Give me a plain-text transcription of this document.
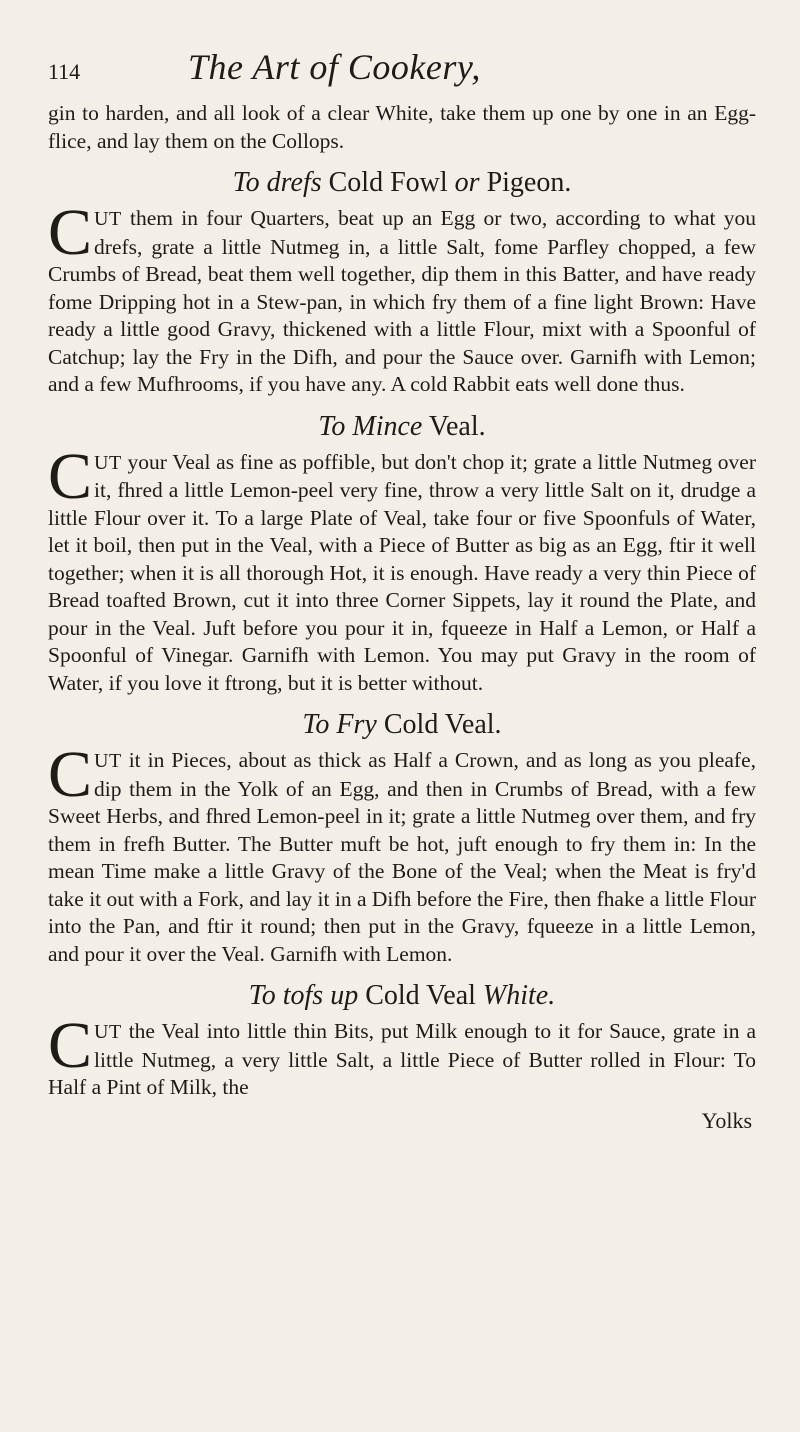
114	The Art of Cookery,

gin to harden, and all look of a clear White, take them up one by one in an Egg-flice, and lay them on the Collops.

To drefs Cold Fowl or Pigeon.

CUT them in four Quarters, beat up an Egg or two, according to what you drefs, grate a little Nutmeg in, a little Salt, fome Parfley chopped, a few Crumbs of Bread, beat them well together, dip them in this Batter, and have ready fome Dripping hot in a Stew-pan, in which fry them of a fine light Brown: Have ready a little good Gravy, thickened with a little Flour, mixt with a Spoonful of Catchup; lay the Fry in the Difh, and pour the Sauce over. Garnifh with Lemon; and a few Mufhrooms, if you have any. A cold Rabbit eats well done thus.

To Mince Veal.

CUT your Veal as fine as poffible, but don't chop it; grate a little Nutmeg over it, fhred a little Lemon-peel very fine, throw a very little Salt on it, drudge a little Flour over it. To a large Plate of Veal, take four or five Spoonfuls of Water, let it boil, then put in the Veal, with a Piece of Butter as big as an Egg, ftir it well together; when it is all thorough Hot, it is enough. Have ready a very thin Piece of Bread toafted Brown, cut it into three Corner Sippets, lay it round the Plate, and pour in the Veal. Juft before you pour it in, fqueeze in Half a Lemon, or Half a Spoonful of Vinegar. Garnifh with Lemon. You may put Gravy in the room of Water, if you love it ftrong, but it is better without.

To Fry Cold Veal.

CUT it in Pieces, about as thick as Half a Crown, and as long as you pleafe, dip them in the Yolk of an Egg, and then in Crumbs of Bread, with a few Sweet Herbs, and fhred Lemon-peel in it; grate a little Nutmeg over them, and fry them in frefh Butter. The Butter muft be hot, juft enough to fry them in: In the mean Time make a little Gravy of the Bone of the Veal; when the Meat is fry'd take it out with a Fork, and lay it in a Difh before the Fire, then fhake a little Flour into the Pan, and ftir it round; then put in the Gravy, fqueeze in a little Lemon, and pour it over the Veal. Garnifh with Lemon.

To tofs up Cold Veal White.

CUT the Veal into little thin Bits, put Milk enough to it for Sauce, grate in a little Nutmeg, a very little Salt, a little Piece of Butter rolled in Flour: To Half a Pint of Milk, the

Yolks
